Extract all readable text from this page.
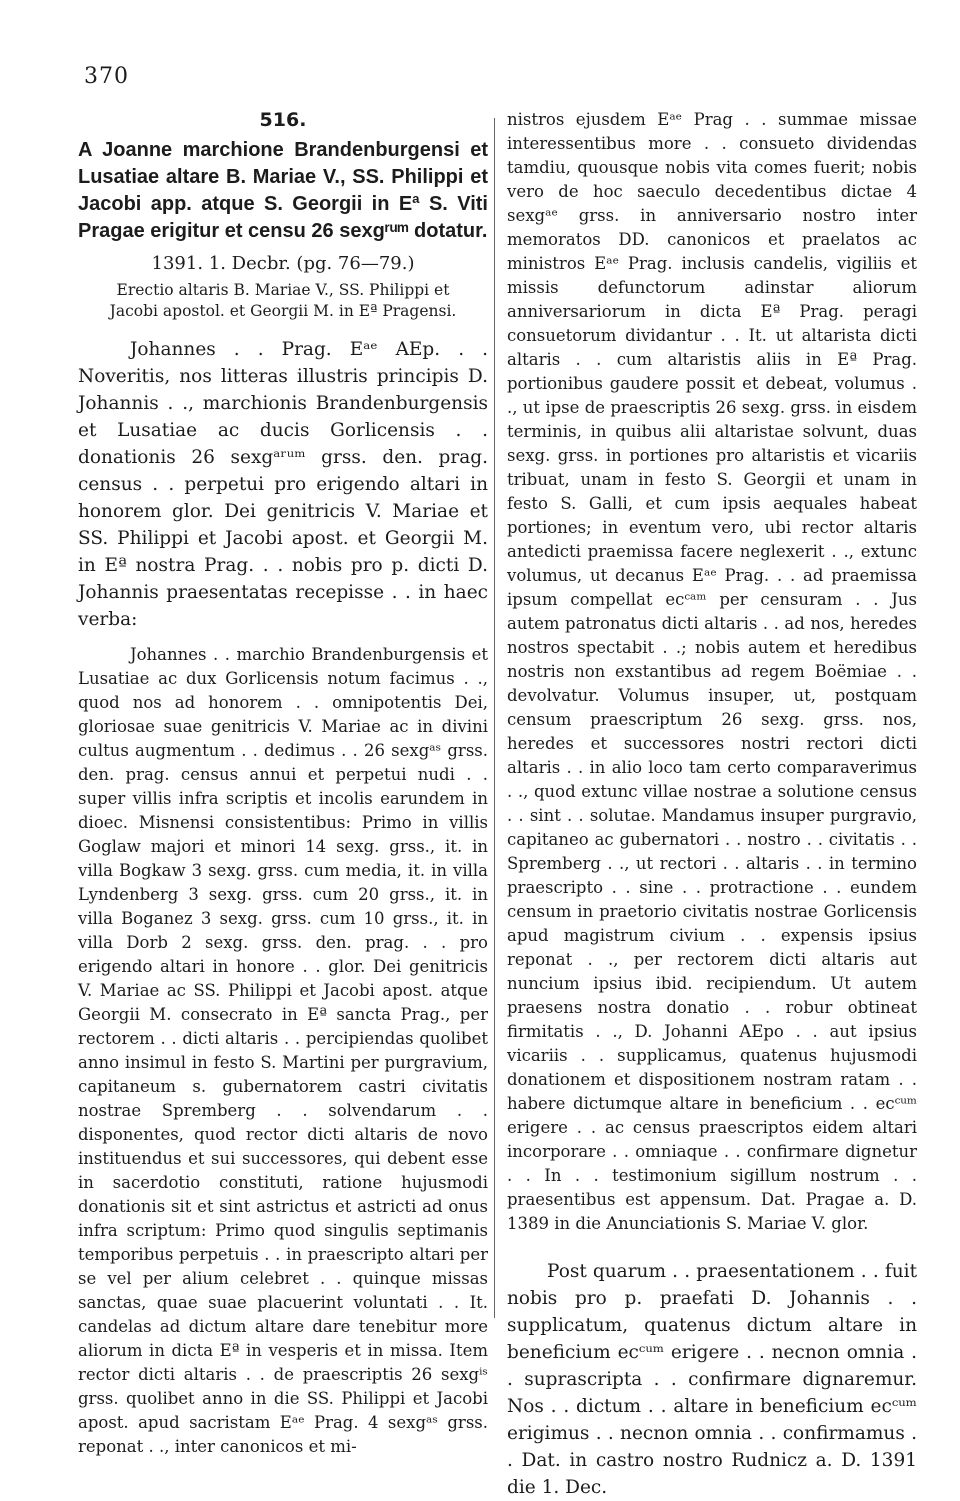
370
516.

A Joanne marchione Brandenburgensi et Lusatiae altare B. Mariae V., SS. Philippi et Jacobi app. atque S. Georgii in Eª S. Viti Pragae erigitur et censu 26 sexgʳᵘᵐ dotatur.

1391. 1. Decbr. (pg. 76—79.)

Erectio altaris B. Mariae V., SS. Philippi et Jacobi apostol. et Georgii M. in Eª Pragensi.

Johannes . . Prag. Eᵃᵉ AEp. . . Noveritis, nos litteras illustris principis D. Johannis . ., marchionis Brandenburgensis et Lusatiae ac ducis Gorlicensis . . donationis 26 sexgᵃʳᵘᵐ grss. den. prag. census . . perpetui pro erigendo altari in honorem glor. Dei genitricis V. Mariae et SS. Philippi et Jacobi apost. et Georgii M. in Eª nostra Prag. . . nobis pro p. dicti D. Johannis praesentatas recepisse . . in haec verba:

Johannes . . marchio Brandenburgensis et Lusatiae ac dux Gorlicensis notum facimus . ., quod nos ad honorem . . omnipotentis Dei, gloriosae suae genitricis V. Mariae ac in divini cultus augmentum . . dedimus . . 26 sexgᵃˢ grss. den. prag. census annui et perpetui nudi . . super villis infra scriptis et incolis earundem in dioec. Misnensi consistentibus: Primo in villis Goglaw majori et minori 14 sexg. grss., it. in villa Bogkaw 3 sexg. grss. cum media, it. in villa Lyndenberg 3 sexg. grss. cum 20 grss., it. in villa Boganez 3 sexg. grss. cum 10 grss., it. in villa Dorb 2 sexg. grss. den. prag. . . pro erigendo altari in honore . . glor. Dei genitricis V. Mariae ac SS. Philippi et Jacobi apost. atque Georgii M. consecrato in Eª sancta Prag., per rectorem . . dicti altaris . . percipiendas quolibet anno insimul in festo S. Martini per purgravium, capitaneum s. gubernatorem castri civitatis nostrae Spremberg . . solvendarum . . disponentes, quod rector dicti altaris de novo instituendus et sui successores, qui debent esse in sacerdotio constituti, ratione hujusmodi donationis sit et sint astrictus et astricti ad onus infra scriptum: Primo quod singulis septimanis temporibus perpetuis . . in praescripto altari per se vel per alium celebret . . quinque missas sanctas, quae suae placuerint voluntati . . It. candelas ad dictum altare dare tenebitur more aliorum in dicta Eª in vesperis et in missa. Item rector dicti altaris . . de praescriptis 26 sexgⁱˢ grss. quolibet anno in die SS. Philippi et Jacobi apost. apud sacristam Eᵃᵉ Prag. 4 sexgᵃˢ grss. reponat . ., inter canonicos et mi-

nistros ejusdem Eᵃᵉ Prag . . summae missae interessentibus more . . consueto dividendas tamdiu, quousque nobis vita comes fuerit; nobis vero de hoc saeculo decedentibus dictae 4 sexgᵃᵉ grss. in anniversario nostro inter memoratos DD. canonicos et praelatos ac ministros Eᵃᵉ Prag. inclusis candelis, vigiliis et missis defunctorum adinstar aliorum anniversariorum in dicta Eª Prag. peragi consuetorum dividantur . . It. ut altarista dicti altaris . . cum altaristis aliis in Eª Prag. portionibus gaudere possit et debeat, volumus . ., ut ipse de praescriptis 26 sexg. grss. in eisdem terminis, in quibus alii altaristae solvunt, duas sexg. grss. in portiones pro altaristis et vicariis tribuat, unam in festo S. Georgii et unam in festo S. Galli, et cum ipsis aequales habeat portiones; in eventum vero, ubi rector altaris antedicti praemissa facere neglexerit . ., extunc volumus, ut decanus Eᵃᵉ Prag. . . ad praemissa ipsum compellat ecᶜᵃᵐ per censuram . . Jus autem patronatus dicti altaris . . ad nos, heredes nostros spectabit . .; nobis autem et heredibus nostris non exstantibus ad regem Boëmiae . . devolvatur. Volumus insuper, ut, postquam censum praescriptum 26 sexg. grss. nos, heredes et successores nostri rectori dicti altaris . . in alio loco tam certo comparaverimus . ., quod extunc villae nostrae a solutione census . . sint . . solutae. Mandamus insuper purgravio, capitaneo ac gubernatori . . nostro . . civitatis . . Spremberg . ., ut rectori . . altaris . . in termino praescripto . . sine . . protractione . . eundem censum in praetorio civitatis nostrae Gorlicensis apud magistrum civium . . expensis ipsius reponat . ., per rectorem dicti altaris aut nuncium ipsius ibid. recipiendum. Ut autem praesens nostra donatio . . robur obtineat firmitatis . ., D. Johanni AEpo . . aut ipsius vicariis . . supplicamus, quatenus hujusmodi donationem et dispositionem nostram ratam . . habere dictumque altare in beneficium . . ecᶜᵘᵐ erigere . . ac census praescriptos eidem altari incorporare . . omniaque . . confirmare dignetur . . In . . testimonium sigillum nostrum . . praesentibus est appensum. Dat. Pragae a. D. 1389 in die Anunciationis S. Mariae V. glor.

Post quarum . . praesentationem . . fuit nobis pro p. praefati D. Johannis . . supplicatum, quatenus dictum altare in beneficium ecᶜᵘᵐ erigere . . necnon omnia . . suprascripta . . confirmare dignaremur. Nos . . dictum . . altare in beneficium ecᶜᵘᵐ erigimus . . necnon omnia . . confirmamus . . Dat. in castro nostro Rudnicz a. D. 1391 die 1. Dec.
